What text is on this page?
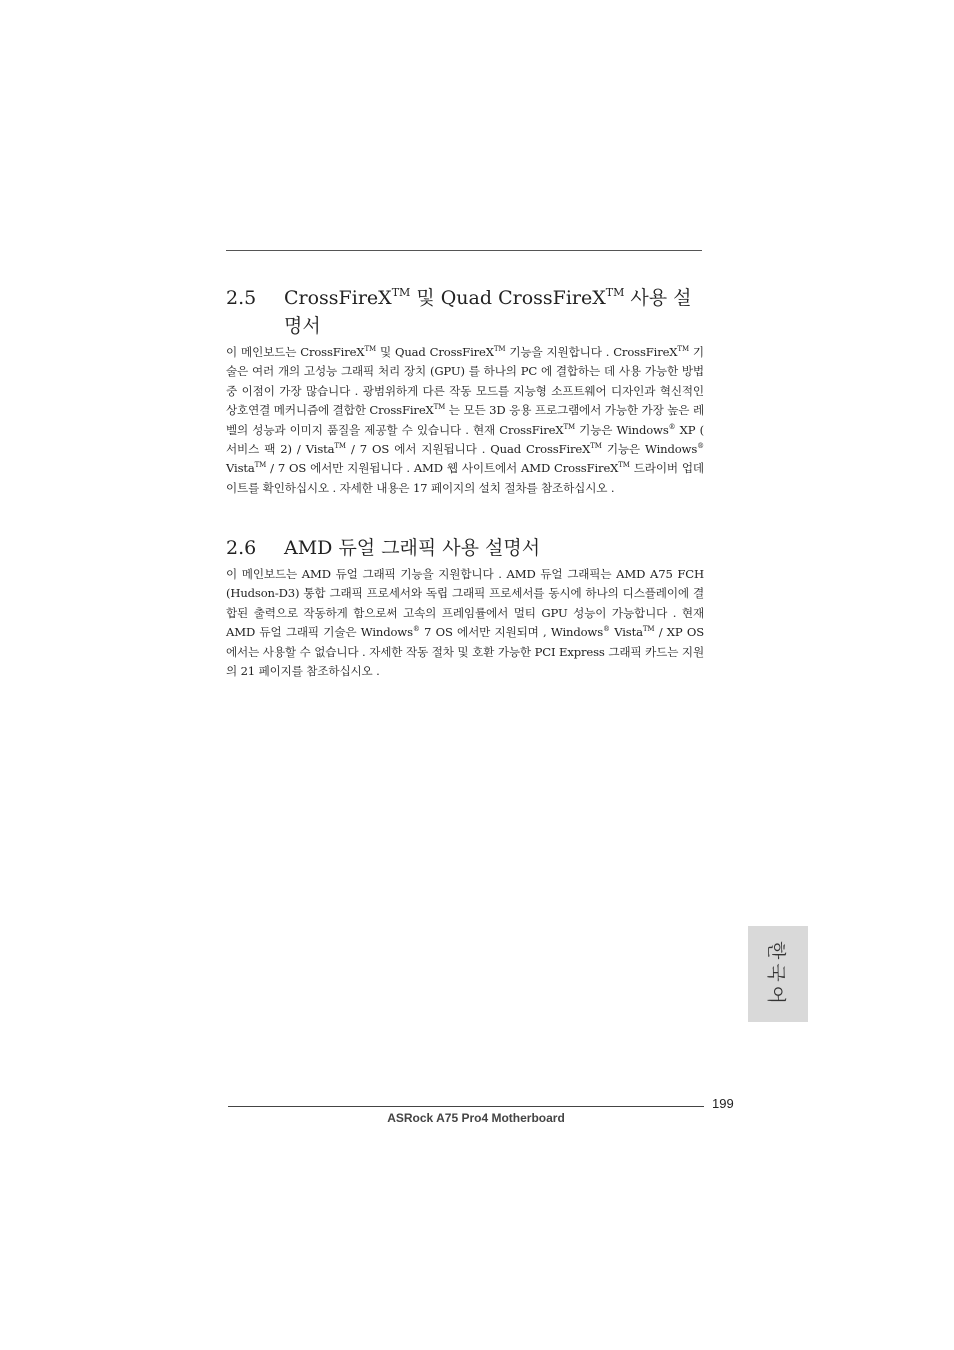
2.5	CrossFireX™ 및 Quad CrossFireX™ 사용 설명서

이 메인보드는 CrossFireX™ 및 Quad CrossFireX™ 기능을 지원합니다 . CrossFireX™ 기술은 여러 개의 고성능 그래픽 처리 장치 (GPU) 를 하나의 PC 에 결합하는 데 사용 가능한 방법 중 이점이 가장 많습니다 . 광범위하게 다른 작동 모드를 지능형 소프트웨어 디자인과 혁신적인 상호연결 메커니즘에 결합한 CrossFireX™ 는 모든 3D 응용 프로그램에서 가능한 가장 높은 레벨의 성능과 이미지 품질을 제공할 수 있습니다 . 현재 CrossFireX™ 기능은 Windows® XP ( 서비스 팩 2) / Vista™ / 7 OS 에서 지원됩니다 . Quad CrossFireX™ 기능은 Windows® Vista™ / 7 OS 에서만 지원됩니다 . AMD 웹 사이트에서 AMD CrossFireX™ 드라이버 업데이트를 확인하십시오 . 자세한 내용은 17 페이지의 설치 절차를 참조하십시오 .

2.6	AMD 듀얼 그래픽 사용 설명서

이 메인보드는 AMD 듀얼 그래픽 기능을 지원합니다 . AMD 듀얼 그래픽는 AMD A75 FCH (Hudson-D3) 통합 그래픽 프로세서와 독립 그래픽 프로세서를 동시에 하나의 디스플레이에 결합된 출력으로 작동하게 함으로써 고속의 프레임률에서 멀티 GPU 성능이 가능합니다 . 현재 AMD 듀얼 그래픽 기술은 Windows® 7 OS 에서만 지원되며 , Windows® Vista™ / XP OS 에서는 사용할 수 없습니다 . 자세한 작동 절차 및 호환 가능한 PCI Express 그래픽 카드는 지원 의 21 페이지를 참조하십시오 .

한국어
199
ASRock A75 Pro4 Motherboard
